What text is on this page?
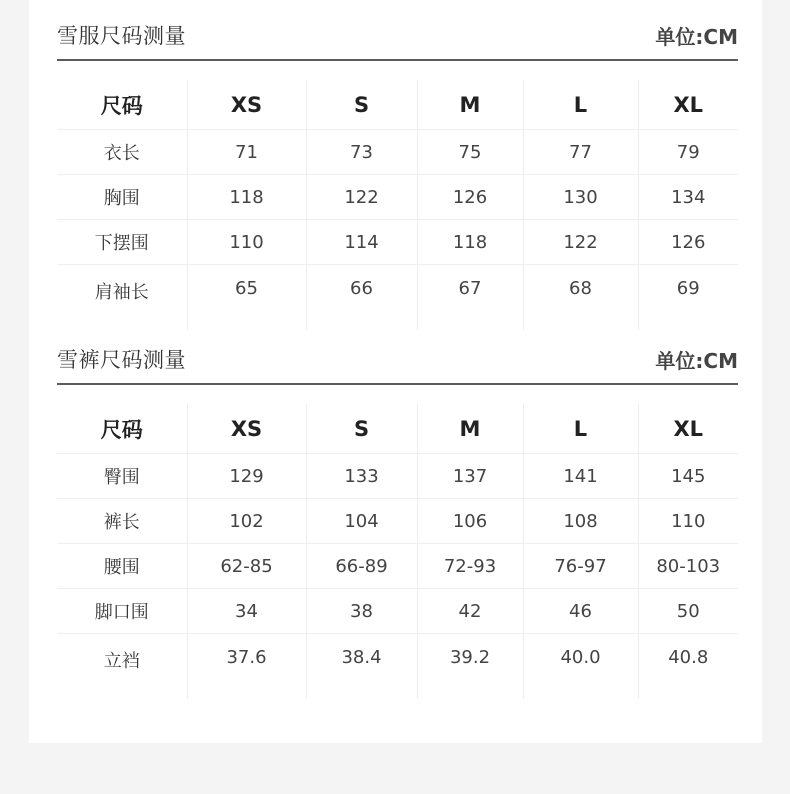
雪服尺码测量	单位:CM
尺码	XS	S	M	L	XL
衣长	71	73	75	77	79
胸围	118	122	126	130	134
下摆围	110	114	118	122	126
肩袖长	65	66	67	68	69
雪裤尺码测量	单位:CM
尺码	XS	S	M	L	XL
臀围	129	133	137	141	145
裤长	102	104	106	108	110
腰围	62-85	66-89	72-93	76-97	80-103
脚口围	34	38	42	46	50
立裆	37.6	38.4	39.2	40.0	40.8
